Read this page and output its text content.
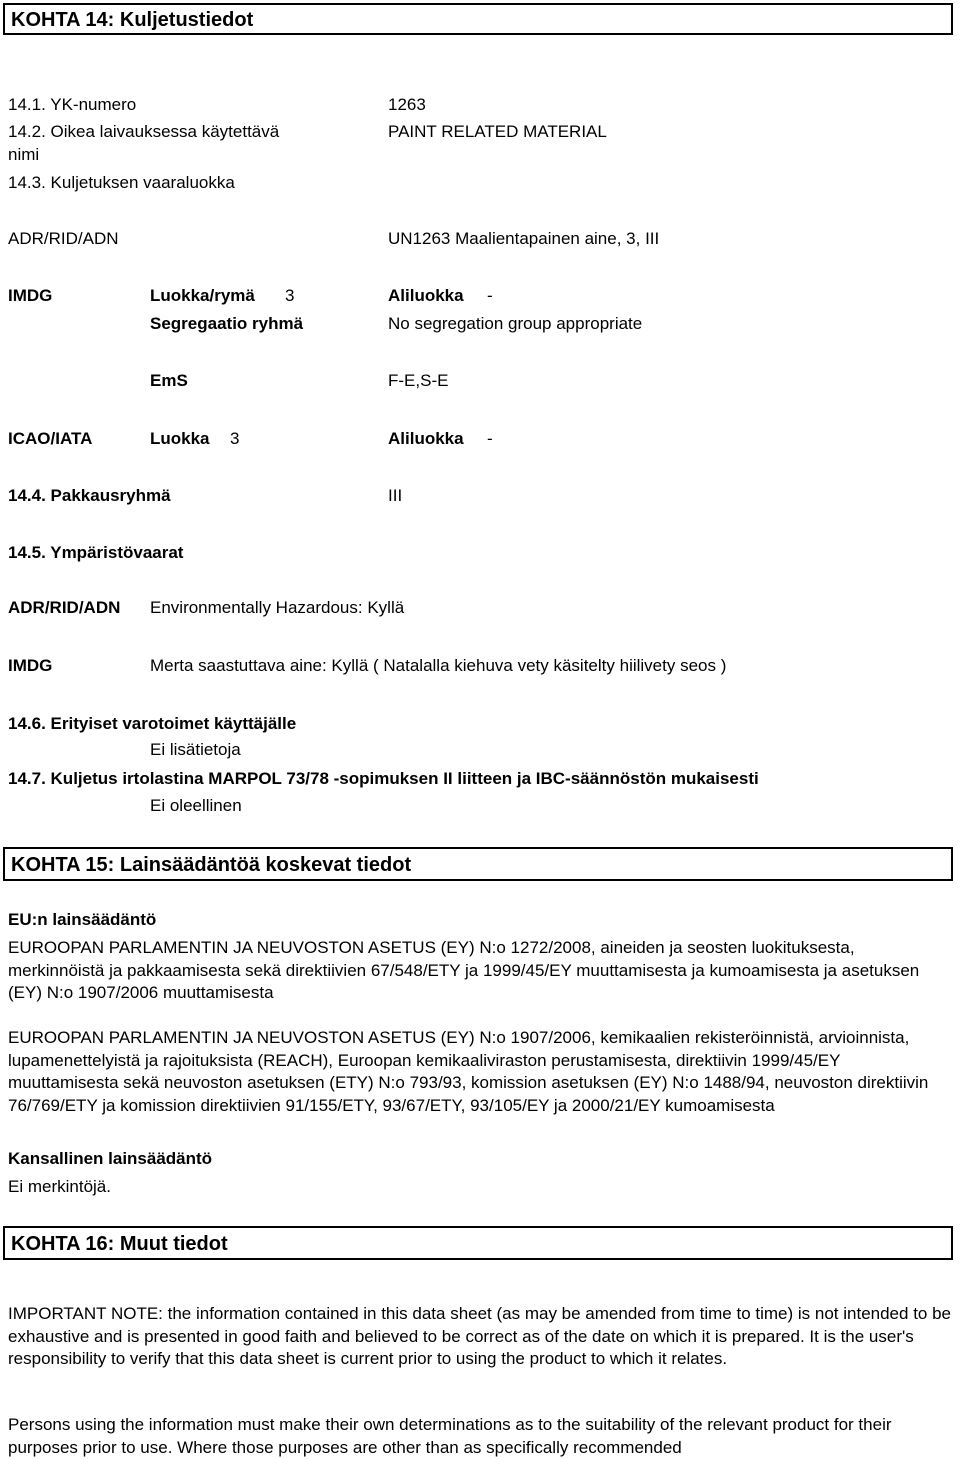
KOHTA 14: Kuljetustiedot
14.1. YK-numero	1263
14.2. Oikea laivauksessa käytettävä
nimi
PAINT RELATED MATERIAL
14.3. Kuljetuksen vaaraluokka
ADR/RID/ADN	UN1263 Maalientapainen aine, 3, III
IMDG	Luokka/rymä 3	Aliluokka -
Segregaatio ryhmä	No segregation group appropriate
EmS	F-E,S-E
ICAO/IATA	Luokka 3	Aliluokka -
14.4. Pakkausryhmä	III
14.5. Ympäristövaarat
ADR/RID/ADN Environmentally Hazardous: Kyllä
IMDG	Merta saastuttava aine: Kyllä ( Natalalla kiehuva vety käsitelty hiilivety seos )
14.6. Erityiset varotoimet käyttäjälle
Ei lisätietoja
14.7. Kuljetus irtolastina MARPOL 73/78 -sopimuksen II liitteen ja IBC-säännöstön mukaisesti
Ei oleellinen
KOHTA 15: Lainsäädäntöä koskevat tiedot
EU:n lainsäädäntö
EUROOPAN PARLAMENTIN JA NEUVOSTON ASETUS (EY) N:o 1272/2008, aineiden ja seosten luokituksesta, merkinnöistä ja pakkaamisesta sekä direktiivien 67/548/ETY ja 1999/45/EY muuttamisesta ja kumoamisesta ja asetuksen (EY) N:o 1907/2006 muuttamisesta
EUROOPAN PARLAMENTIN JA NEUVOSTON ASETUS (EY) N:o 1907/2006, kemikaalien rekisteröinnistä, arvioinnista, lupamenettelyistä ja rajoituksista (REACH), Euroopan kemikaaliviraston perustamisesta, direktiivin 1999/45/EY muuttamisesta sekä neuvoston asetuksen (ETY) N:o 793/93, komission asetuksen (EY) N:o 1488/94, neuvoston direktiivin 76/769/ETY ja komission direktiivien 91/155/ETY, 93/67/ETY, 93/105/EY ja 2000/21/EY kumoamisesta
Kansallinen lainsäädäntö
Ei merkintöjä.
KOHTA 16: Muut tiedot
IMPORTANT NOTE: the information contained in this data sheet (as may be amended from time to time) is not intended to be exhaustive and is presented in good faith and believed to be correct as of the date on which it is prepared. It is the user's responsibility to verify that this data sheet is current prior to using the product to which it relates.
Persons using the information must make their own determinations as to the suitability of the relevant product for their purposes prior to use. Where those purposes are other than as specifically recommended
